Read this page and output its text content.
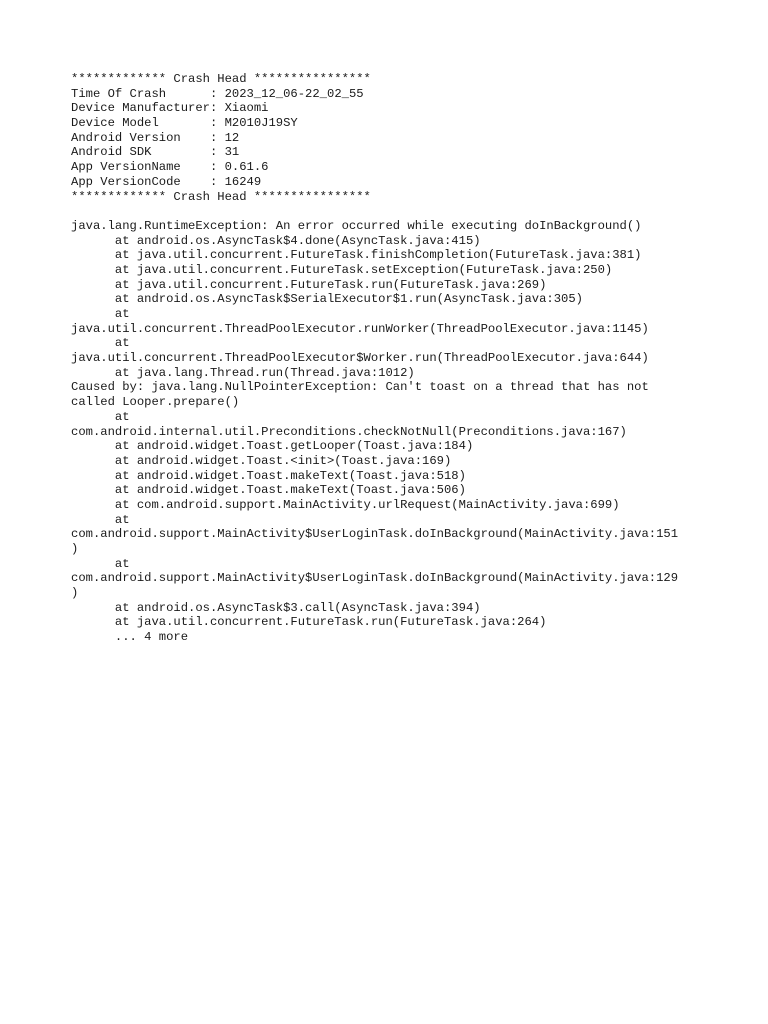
************* Crash Head ****************
Time Of Crash      : 2023_12_06-22_02_55
Device Manufacturer: Xiaomi
Device Model       : M2010J19SY
Android Version    : 12
Android SDK        : 31
App VersionName    : 0.61.6
App VersionCode    : 16249
************* Crash Head ****************
java.lang.RuntimeException: An error occurred while executing doInBackground()
at android.os.AsyncTask$4.done(AsyncTask.java:415)
at java.util.concurrent.FutureTask.finishCompletion(FutureTask.java:381)
at java.util.concurrent.FutureTask.setException(FutureTask.java:250)
at java.util.concurrent.FutureTask.run(FutureTask.java:269)
at android.os.AsyncTask$SerialExecutor$1.run(AsyncTask.java:305)
at
java.util.concurrent.ThreadPoolExecutor.runWorker(ThreadPoolExecutor.java:1145)
at
java.util.concurrent.ThreadPoolExecutor$Worker.run(ThreadPoolExecutor.java:644)
at java.lang.Thread.run(Thread.java:1012)
Caused by: java.lang.NullPointerException: Can't toast on a thread that has not
called Looper.prepare()
at
com.android.internal.util.Preconditions.checkNotNull(Preconditions.java:167)
at android.widget.Toast.getLooper(Toast.java:184)
at android.widget.Toast.<init>(Toast.java:169)
at android.widget.Toast.makeText(Toast.java:518)
at android.widget.Toast.makeText(Toast.java:506)
at com.android.support.MainActivity.urlRequest(MainActivity.java:699)
at
com.android.support.MainActivity$UserLoginTask.doInBackground(MainActivity.java:151
)
at
com.android.support.MainActivity$UserLoginTask.doInBackground(MainActivity.java:129
)
at android.os.AsyncTask$3.call(AsyncTask.java:394)
at java.util.concurrent.FutureTask.run(FutureTask.java:264)
... 4 more
